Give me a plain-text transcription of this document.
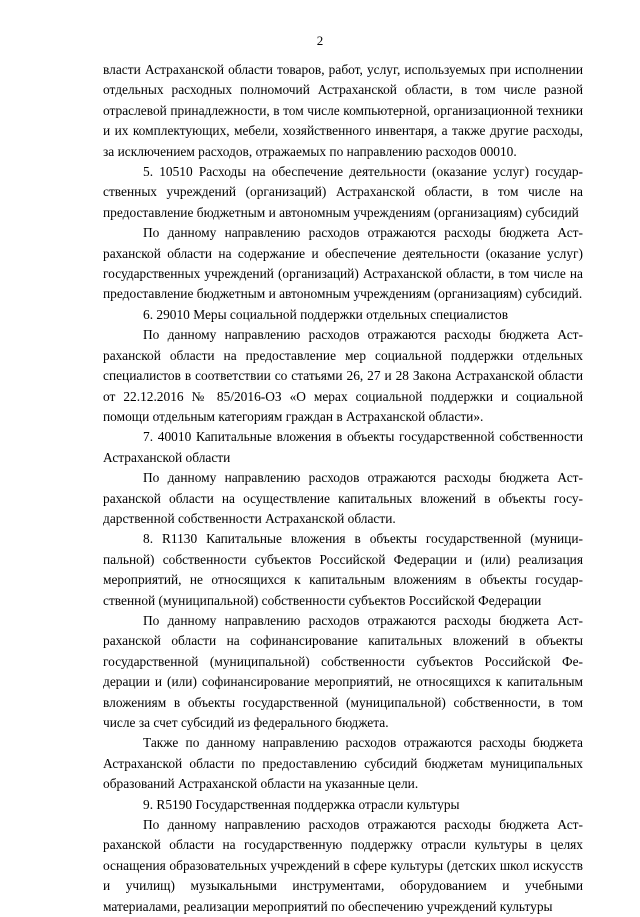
2

власти Астраханской области товаров, работ, услуг, используемых при исполнении отдельных расходных полномочий Астраханской области, в том числе разной отраслевой принадлежности, в том числе компьютерной, организационной техники и их комплектующих, мебели, хозяйственного инвентаря, а также другие расходы, за исключением расходов, отражаемых по направлению расходов 00010.

5. 10510 Расходы на обеспечение деятельности (оказание услуг) государственных учреждений (организаций) Астраханской области, в том числе на предоставление бюджетным и автономным учреждениям (организациям) субсидий

По данному направлению расходов отражаются расходы бюджета Астраханской области на содержание и обеспечение деятельности (оказание услуг) государственных учреждений (организаций) Астраханской области, в том числе на предоставление бюджетным и автономным учреждениям (организациям) субсидий.

6. 29010 Меры социальной поддержки отдельных специалистов

По данному направлению расходов отражаются расходы бюджета Астраханской области на предоставление мер социальной поддержки отдельных специалистов в соответствии со статьями 26, 27 и 28 Закона Астраханской области от 22.12.2016 № 85/2016-ОЗ «О мерах социальной поддержки и социальной помощи отдельным категориям граждан в Астраханской области».

7. 40010 Капитальные вложения в объекты государственной собственности Астраханской области

По данному направлению расходов отражаются расходы бюджета Астраханской области на осуществление капитальных вложений в объекты государственной собственности Астраханской области.

8. R1130 Капитальные вложения в объекты государственной (муниципальной) собственности субъектов Российской Федерации и (или) реализация мероприятий, не относящихся к капитальным вложениям в объекты государственной (муниципальной) собственности субъектов Российской Федерации

По данному направлению расходов отражаются расходы бюджета Астраханской области на софинансирование капитальных вложений в объекты государственной (муниципальной) собственности субъектов Российской Федерации и (или) софинансирование мероприятий, не относящихся к капитальным вложениям в объекты государственной (муниципальной) собственности, в том числе за счет субсидий из федерального бюджета.

Также по данному направлению расходов отражаются расходы бюджета Астраханской области по предоставлению субсидий бюджетам муниципальных образований Астраханской области на указанные цели.

9. R5190 Государственная поддержка отрасли культуры

По данному направлению расходов отражаются расходы бюджета Астраханской области на государственную поддержку отрасли культуры в целях оснащения образовательных учреждений в сфере культуры (детских школ искусств и училищ) музыкальными инструментами, оборудованием и учебными материалами, реализации мероприятий по обеспечению учреждений культуры
